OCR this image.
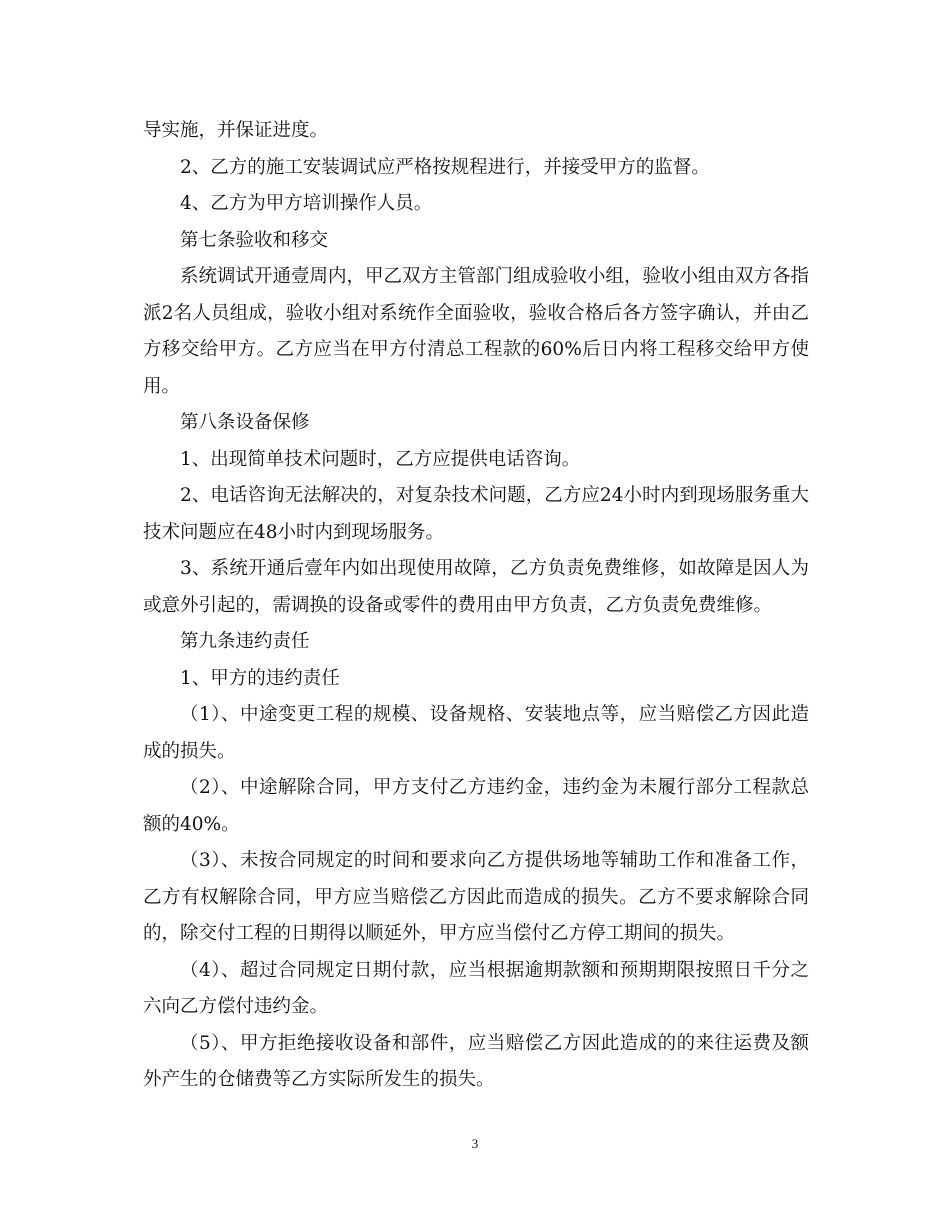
导实施，并保证进度。

2、乙方的施工安装调试应严格按规程进行，并接受甲方的监督。

4、乙方为甲方培训操作人员。

第七条验收和移交

系统调试开通壹周内，甲乙双方主管部门组成验收小组，验收小组由双方各指派2名人员组成，验收小组对系统作全面验收，验收合格后各方签字确认，并由乙方移交给甲方。乙方应当在甲方付清总工程款的60%后日内将工程移交给甲方使用。

第八条设备保修

1、出现简单技术问题时，乙方应提供电话咨询。

2、电话咨询无法解决的，对复杂技术问题，乙方应24小时内到现场服务重大技术问题应在48小时内到现场服务。

3、系统开通后壹年内如出现使用故障，乙方负责免费维修，如故障是因人为或意外引起的，需调换的设备或零件的费用由甲方负责，乙方负责免费维修。

第九条违约责任

1、甲方的违约责任

（1）、中途变更工程的规模、设备规格、安装地点等，应当赔偿乙方因此造成的损失。

（2）、中途解除合同，甲方支付乙方违约金，违约金为未履行部分工程款总额的40%。

（3）、未按合同规定的时间和要求向乙方提供场地等辅助工作和准备工作，乙方有权解除合同，甲方应当赔偿乙方因此而造成的损失。乙方不要求解除合同的，除交付工程的日期得以顺延外，甲方应当偿付乙方停工期间的损失。

（4）、超过合同规定日期付款，应当根据逾期款额和预期期限按照日千分之六向乙方偿付违约金。

（5）、甲方拒绝接收设备和部件，应当赔偿乙方因此造成的的来往运费及额外产生的仓储费等乙方实际所发生的损失。

3
